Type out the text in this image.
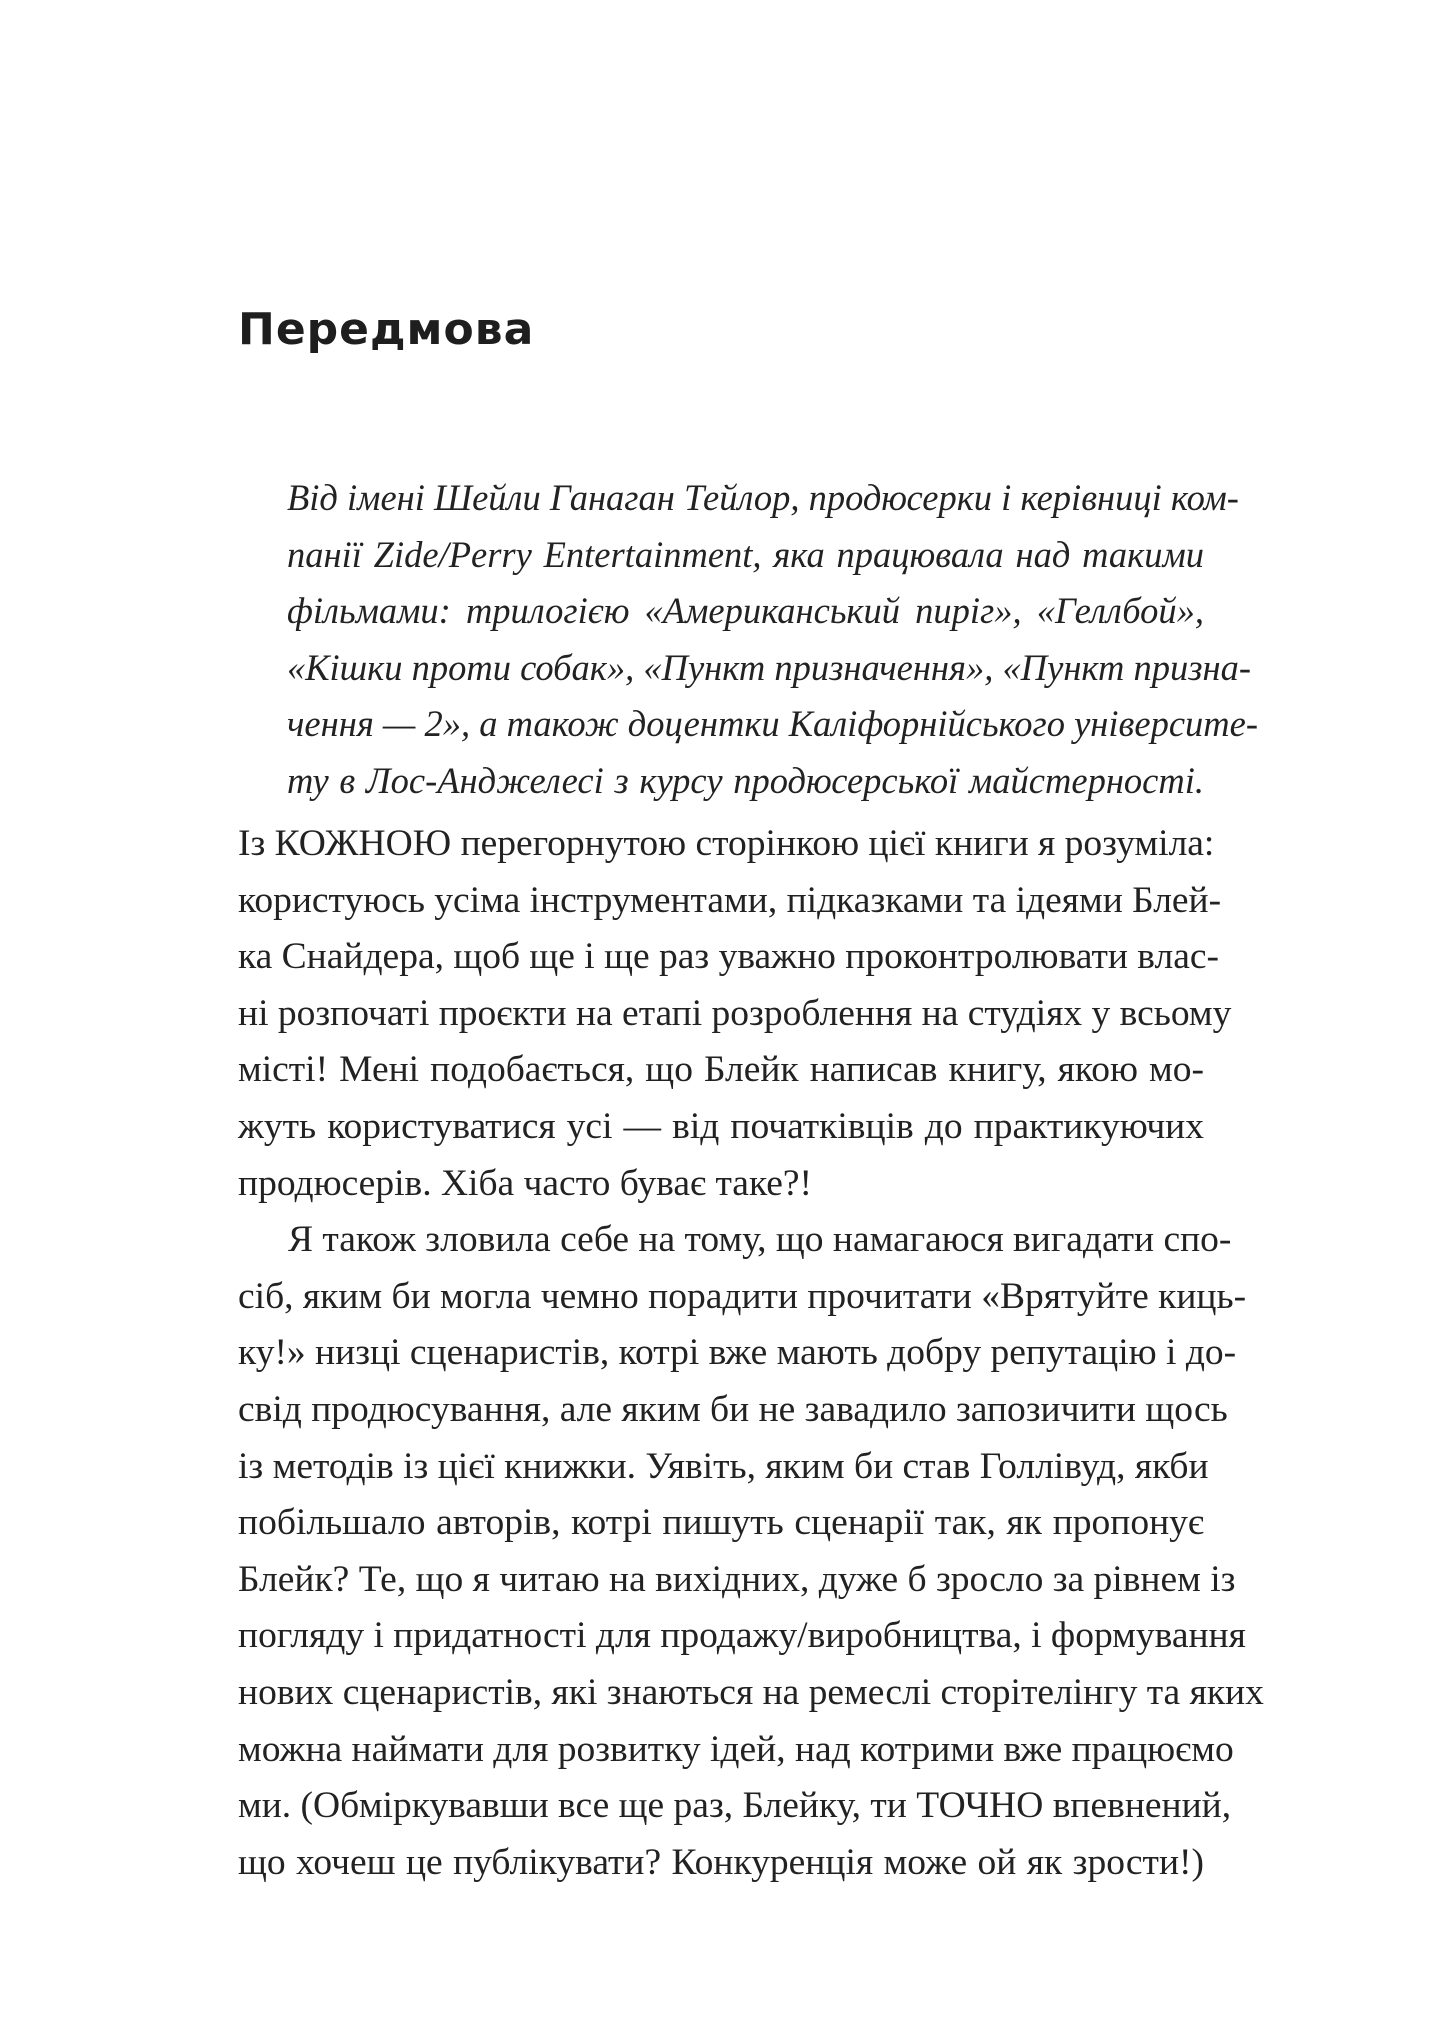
Передмова
Від імені Шейли Ганаган Тейлор, продюсерки і керівниці ком-
панії Zide/Perry Entertainment, яка працювала над такими
фільмами: трилогією «Американський пиріг», «Геллбой»,
«Кішки проти собак», «Пункт призначення», «Пункт призна-
чення — 2», а також доцентки Каліфорнійського університе-
ту в Лос-Анджелесі з курсу продюсерської майстерності.
Із КОЖНОЮ перегорнутою сторінкою цієї книги я розуміла:
користуюсь усіма інструментами, підказками та ідеями Блей-
ка Снайдера, щоб ще і ще раз уважно проконтролювати влас-
ні розпочаті проєкти на етапі розроблення на студіях у всьому
місті! Мені подобається, що Блейк написав книгу, якою мо-
жуть користуватися усі — від початківців до практикуючих
продюсерів. Хіба часто буває таке?!
Я також зловила себе на тому, що намагаюся вигадати спо-
сіб, яким би могла чемно порадити прочитати «Врятуйте киць-
ку!» низці сценаристів, котрі вже мають добру репутацію і до-
свід продюсування, але яким би не завадило запозичити щось
із методів із цієї книжки. Уявіть, яким би став Голлівуд, якби
побільшало авторів, котрі пишуть сценарії так, як пропонує
Блейк? Те, що я читаю на вихідних, дуже б зросло за рівнем із
погляду і придатності для продажу/виробництва, і формування
нових сценаристів, які знаються на ремеслі сторітелінгу та яких
можна наймати для розвитку ідей, над котрими вже працюємо
ми. (Обміркувавши все ще раз, Блейку, ти ТОЧНО впевнений,
що хочеш це публікувати? Конкуренція може ой як зрости!)
